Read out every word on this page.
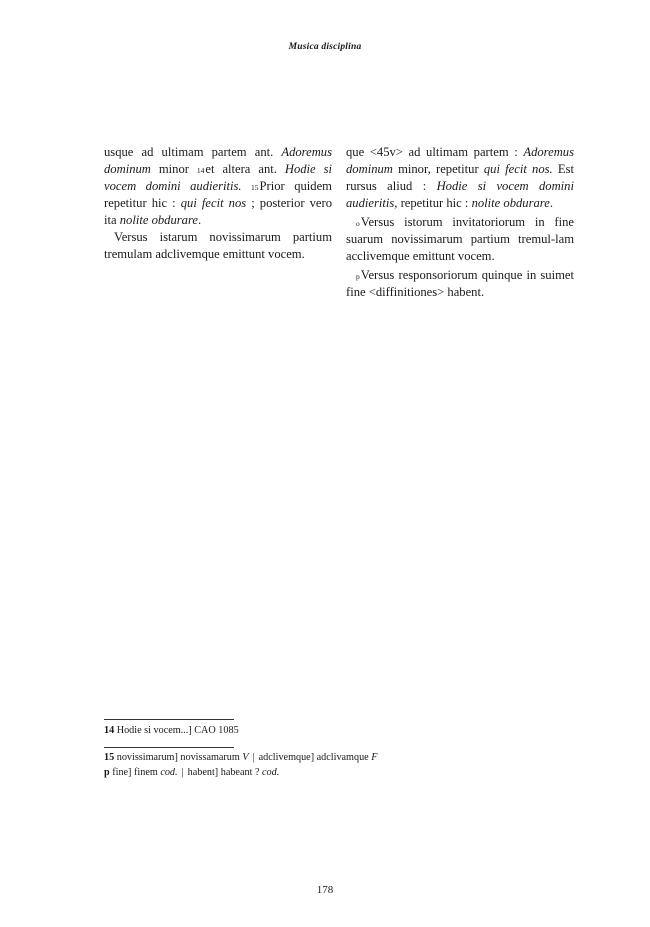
Musica disciplina

usque ad ultimam partem ant. Adoremus dominum minor $^{14}$et altera ant. Hodie si vocem domini audieritis. $^{15}$Prior quidem repetitur hic : qui fecit nos ; posterior vero ita nolite obdurare.

Versus istarum novissimarum partium tremulam adclivemque emittunt vocem.

que <45v> ad ultimam partem : Adoremus dominum minor, repetitur qui fecit nos. Est rursus aliud : Hodie si vocem domini audieritis, repetitur hic : nolite obdurare.

$^o$Versus istorum invitatoriorum in fine suarum novissimarum partium tremul-lam acclivemque emittunt vocem.

$^p$Versus responsoriorum quinque in suimet fine <diffinitiones> habent.

14 Hodie si vocem...] CAO 1085

15 novissimarum] novissamarum V | adclivemque] adclivamque F

p fine] finem cod. | habent] habeant ? cod.

178
